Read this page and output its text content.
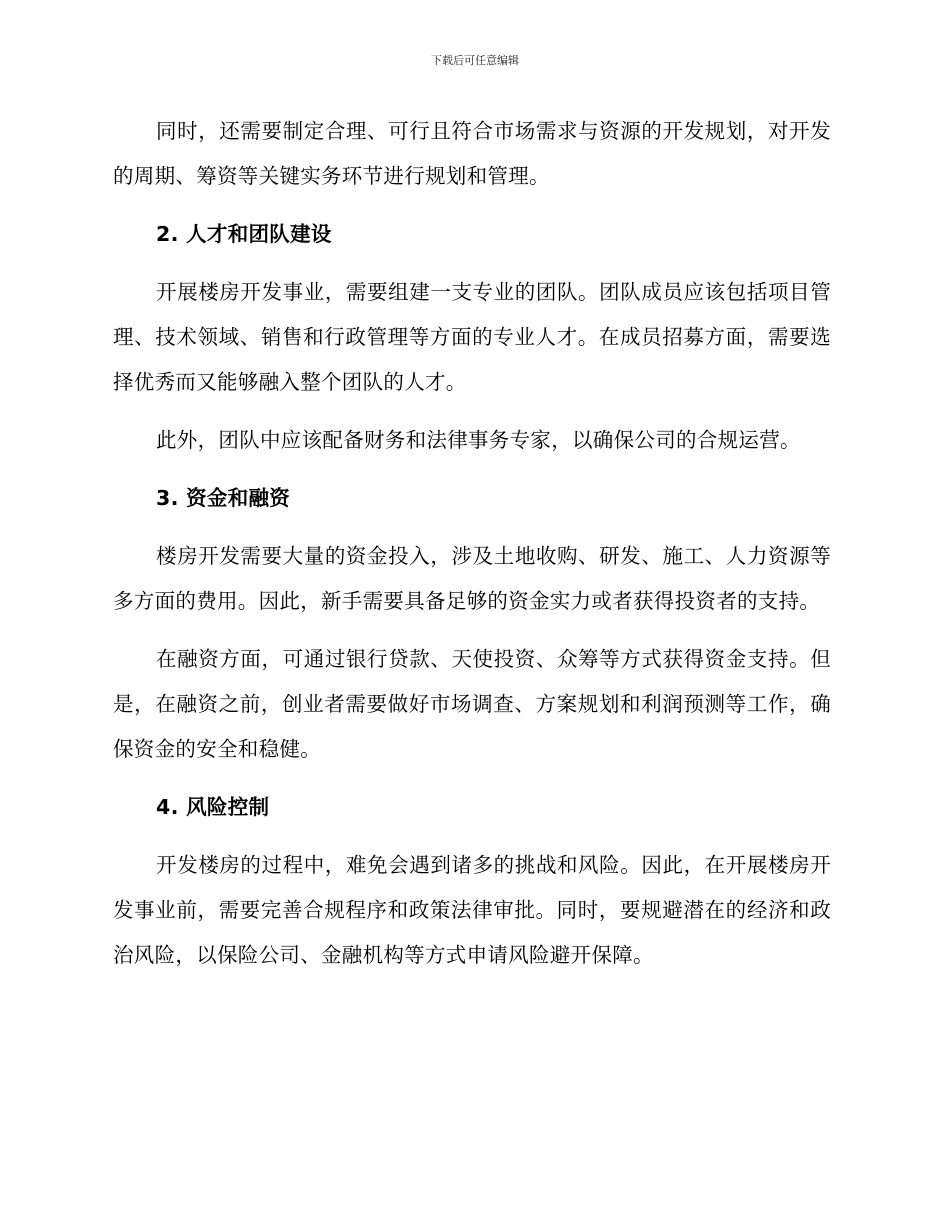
下载后可任意编辑

同时，还需要制定合理、可行且符合市场需求与资源的开发规划，对开发的周期、筹资等关键实务环节进行规划和管理。

2. 人才和团队建设

开展楼房开发事业，需要组建一支专业的团队。团队成员应该包括项目管理、技术领域、销售和行政管理等方面的专业人才。在成员招募方面，需要选择优秀而又能够融入整个团队的人才。

此外，团队中应该配备财务和法律事务专家，以确保公司的合规运营。

3. 资金和融资

楼房开发需要大量的资金投入，涉及土地收购、研发、施工、人力资源等多方面的费用。因此，新手需要具备足够的资金实力或者获得投资者的支持。

在融资方面，可通过银行贷款、天使投资、众筹等方式获得资金支持。但是，在融资之前，创业者需要做好市场调查、方案规划和利润预测等工作，确保资金的安全和稳健。

4. 风险控制

开发楼房的过程中，难免会遇到诸多的挑战和风险。因此，在开展楼房开发事业前，需要完善合规程序和政策法律审批。同时，要规避潜在的经济和政治风险，以保险公司、金融机构等方式申请风险避开保障。
